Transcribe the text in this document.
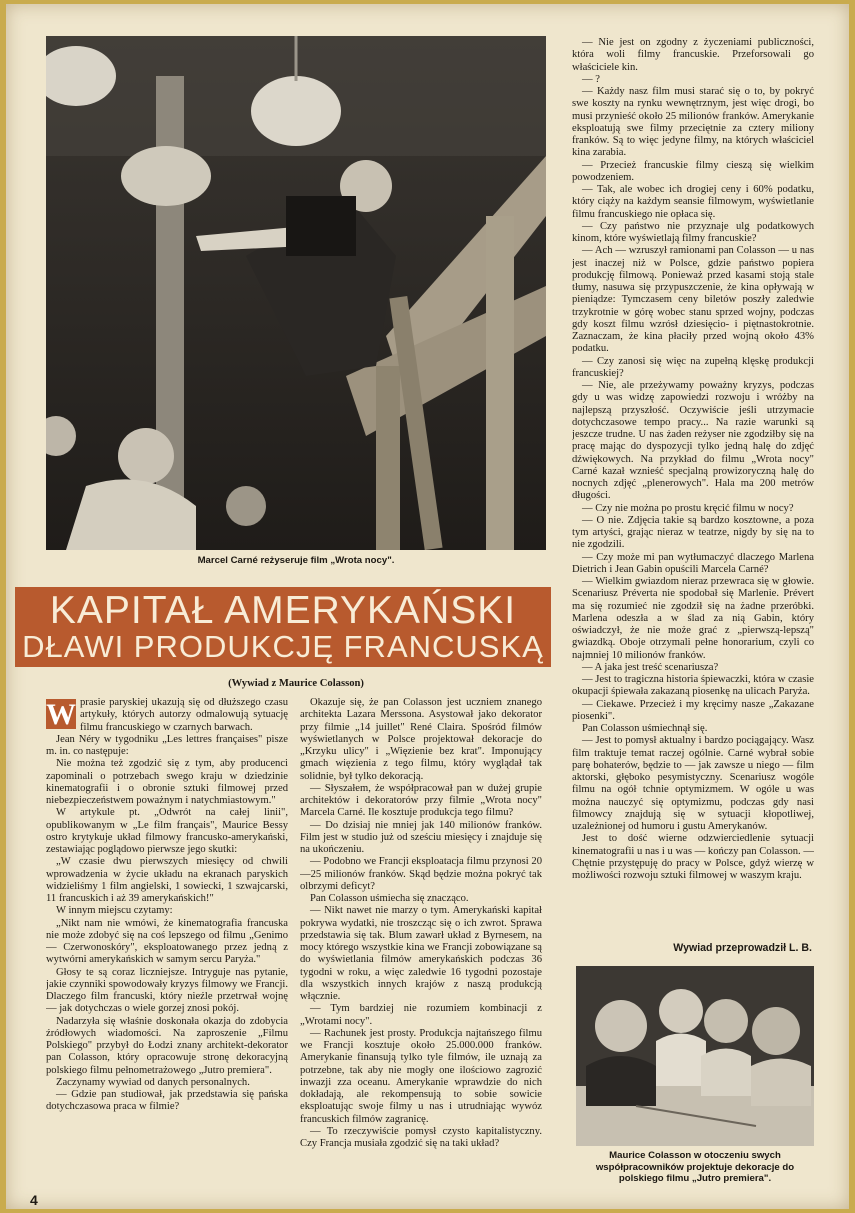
Marcel Carné reżyseruje film „Wrota nocy".
KAPITAŁ AMERYKAŃSKI
DŁAWI PRODUKCJĘ FRANCUSKĄ
(Wywiad z Maurice Colasson)
W prasie paryskiej ukazują się od dłuższego czasu artykuły, których autorzy odmalowują sytuację filmu francuskiego w czarnych barwach.

Jean Néry w tygodniku „Les lettres françaises" pisze m. in. co następuje:

Nie można też zgodzić się z tym, aby producenci zapominali o potrzebach swego kraju w dziedzinie kinematografii i o obronie sztuki filmowej przed niebezpieczeństwem poważnym i natychmiastowym."

W artykule pt. „Odwrót na całej linii", opublikowanym w „Le film français", Maurice Bessy ostro krytykuje układ filmowy francusko-amerykański, zestawiając poglądowo pierwsze jego skutki:

„W czasie dwu pierwszych miesięcy od chwili wprowadzenia w życie układu na ekranach paryskich widzieliśmy 1 film angielski, 1 sowiecki, 1 szwajcarski, 11 francuskich i aż 39 amerykańskich!"

W innym miejscu czytamy:

„Nikt nam nie wmówi, że kinematografia francuska nie może zdobyć się na coś lepszego od filmu „Genimo — Czerwonoskóry", eksploatowanego przez jedną z wytwórni amerykańskich w samym sercu Paryża."

Głosy te są coraz liczniejsze. Intryguje nas pytanie, jakie czynniki spowodowały kryzys filmowy we Francji. Dlaczego film francuski, który nieźle przetrwał wojnę — jak dotychczas o wiele gorzej znosi pokój.

Nadarzyła się właśnie doskonała okazja do zdobycia źródłowych wiadomości. Na zaproszenie „Filmu Polskiego" przybył do Łodzi znany architekt-dekorator pan Colasson, który opracowuje stronę dekoracyjną polskiego filmu pełnometrażowego „Jutro premiera".

Zaczynamy wywiad od danych personalnych.

— Gdzie pan studiował, jak przedstawia się pańska dotychczasowa praca w filmie?

Okazuje się, że pan Colasson jest uczniem znanego architekta Lazara Merssona. Asystował jako dekorator przy filmie „14 juillet" René Claira. Spośród filmów wyświetlanych w Polsce projektował dekoracje do „Krzyku ulicy" i „Więzienie bez krat". Imponujący gmach więzienia z tego filmu, który wyglądał tak solidnie, był tylko dekoracją.

— Słyszałem, że współpracował pan w dużej grupie architektów i dekoratorów przy filmie „Wrota nocy" Marcela Carné. Ile kosztuje produkcja tego filmu?

— Do dzisiaj nie mniej jak 140 milionów franków. Film jest w studio już od sześciu miesięcy i znajduje się na ukończeniu.

— Podobno we Francji eksploatacja filmu przynosi 20—25 milionów franków. Skąd będzie można pokryć tak olbrzymi deficyt?

Pan Colasson uśmiecha się znacząco.

— Nikt nawet nie marzy o tym. Amerykański kapitał pokrywa wydatki, nie troszcząc się o ich zwrot. Sprawa przedstawia się tak. Blum zawarł układ z Byrnesem, na mocy którego wszystkie kina we Francji zobowiązane są do wyświetlania filmów amerykańskich podczas 36 tygodni w roku, a więc zaledwie 16 tygodni pozostaje dla wszystkich innych krajów z naszą produkcją włącznie.

— Tym bardziej nie rozumiem kombinacji z „Wrotami nocy".

— Rachunek jest prosty. Produkcja najtańszego filmu we Francji kosztuje około 25.000.000 franków. Amerykanie finansują tylko tyle filmów, ile uznają za potrzebne, tak aby nie mogły one ilościowo zagrozić inwazji zza oceanu. Amerykanie wprawdzie do nich dokładają, ale rekompensują to sobie sowicie eksploatując swoje filmy u nas i utrudniając wywóz francuskich filmów zagranicę.

— To rzeczywiście pomysł czysto kapitalistyczny. Czy Francja musiała zgodzić się na taki układ?

— Nie jest on zgodny z życzeniami publiczności, która woli filmy francuskie. Przeforsowali go właściciele kin.

— ?

— Każdy nasz film musi starać się o to, by pokryć swe koszty na rynku wewnętrznym, jest więc drogi, bo musi przynieść około 25 milionów franków. Amerykanie eksploatują swe filmy przeciętnie za cztery miliony franków. Są to więc jedyne filmy, na których właściciel kina zarabia.

— Przecież francuskie filmy cieszą się wielkim powodzeniem.

— Tak, ale wobec ich drogiej ceny i 60% podatku, który ciąży na każdym seansie filmowym, wyświetlanie filmu francuskiego nie opłaca się.

— Czy państwo nie przyznaje ulg podatkowych kinom, które wyświetlają filmy francuskie?

— Ach — wzruszył ramionami pan Colasson — u nas jest inaczej niż w Polsce, gdzie państwo popiera produkcję filmową. Ponieważ przed kasami stoją stale tłumy, nasuwa się przypuszczenie, że kina opływają w pieniądze: Tymczasem ceny biletów poszły zaledwie trzykrotnie w górę wobec stanu sprzed wojny, podczas gdy koszt filmu wzrósł dziesięcio- i piętnastokrotnie. Zaznaczam, że kina płaciły przed wojną około 43% podatku.

— Czy zanosi się więc na zupełną klęskę produkcji francuskiej?

— Nie, ale przeżywamy poważny kryzys, podczas gdy u was widzę zapowiedzi rozwoju i wróżby na najlepszą przyszłość. Oczywiście jeśli utrzymacie dotychczasowe tempo pracy... Na razie warunki są jeszcze trudne. U nas żaden reżyser nie zgodziłby się na pracę mając do dyspozycji tylko jedną halę do zdjęć dźwiękowych. Na przykład do filmu „Wrota nocy" Carné kazał wznieść specjalną prowizoryczną halę do nocnych zdjęć „plenerowych". Hala ma 200 metrów długości.

— Czy nie można po prostu kręcić filmu w nocy?

— O nie. Zdjęcia takie są bardzo kosztowne, a poza tym artyści, grając nieraz w teatrze, nigdy by się na to nie zgodzili.

— Czy może mi pan wytłumaczyć dlaczego Marlena Dietrich i Jean Gabin opuścili Marcela Carné?

— Wielkim gwiazdom nieraz przewraca się w głowie. Scenariusz Préverta nie spodobał się Marlenie. Prévert ma się rozumieć nie zgodził się na żadne przeróbki. Marlena odeszła a w ślad za nią Gabin, który oświadczył, że nie może grać z „pierwszą-lepszą" gwiazdką. Oboje otrzymali pełne honorarium, czyli co najmniej 10 milionów franków.

— A jaka jest treść scenariusza?

— Jest to tragiczna historia śpiewaczki, która w czasie okupacji śpiewała zakazaną piosenkę na ulicach Paryża.

— Ciekawe. Przecież i my kręcimy nasze „Zakazane piosenki".

Pan Colasson uśmiechnął się.

— Jest to pomysł aktualny i bardzo pociągający. Wasz film traktuje temat raczej ogólnie. Carné wybrał sobie parę bohaterów, będzie to — jak zawsze u niego — film aktorski, głęboko pesymistyczny. Scenariusz wogóle filmu na ogół tchnie optymizmem. W ogóle u was można nauczyć się optymizmu, podczas gdy nasi filmowcy znajdują się w sytuacji kłopotliwej, uzależnionej od humoru i gustu Amerykanów.

Jest to dość wierne odzwierciedlenie sytuacji kinematografii u nas i u was — kończy pan Colasson. — Chętnie przystępuję do pracy w Polsce, gdyż wierzę w możliwości rozwoju sztuki filmowej w waszym kraju.

Wywiad przeprowadził L. B.
Maurice Colasson w otoczeniu swych współpracowników projektuje dekoracje do polskiego filmu „Jutro premiera".
4
